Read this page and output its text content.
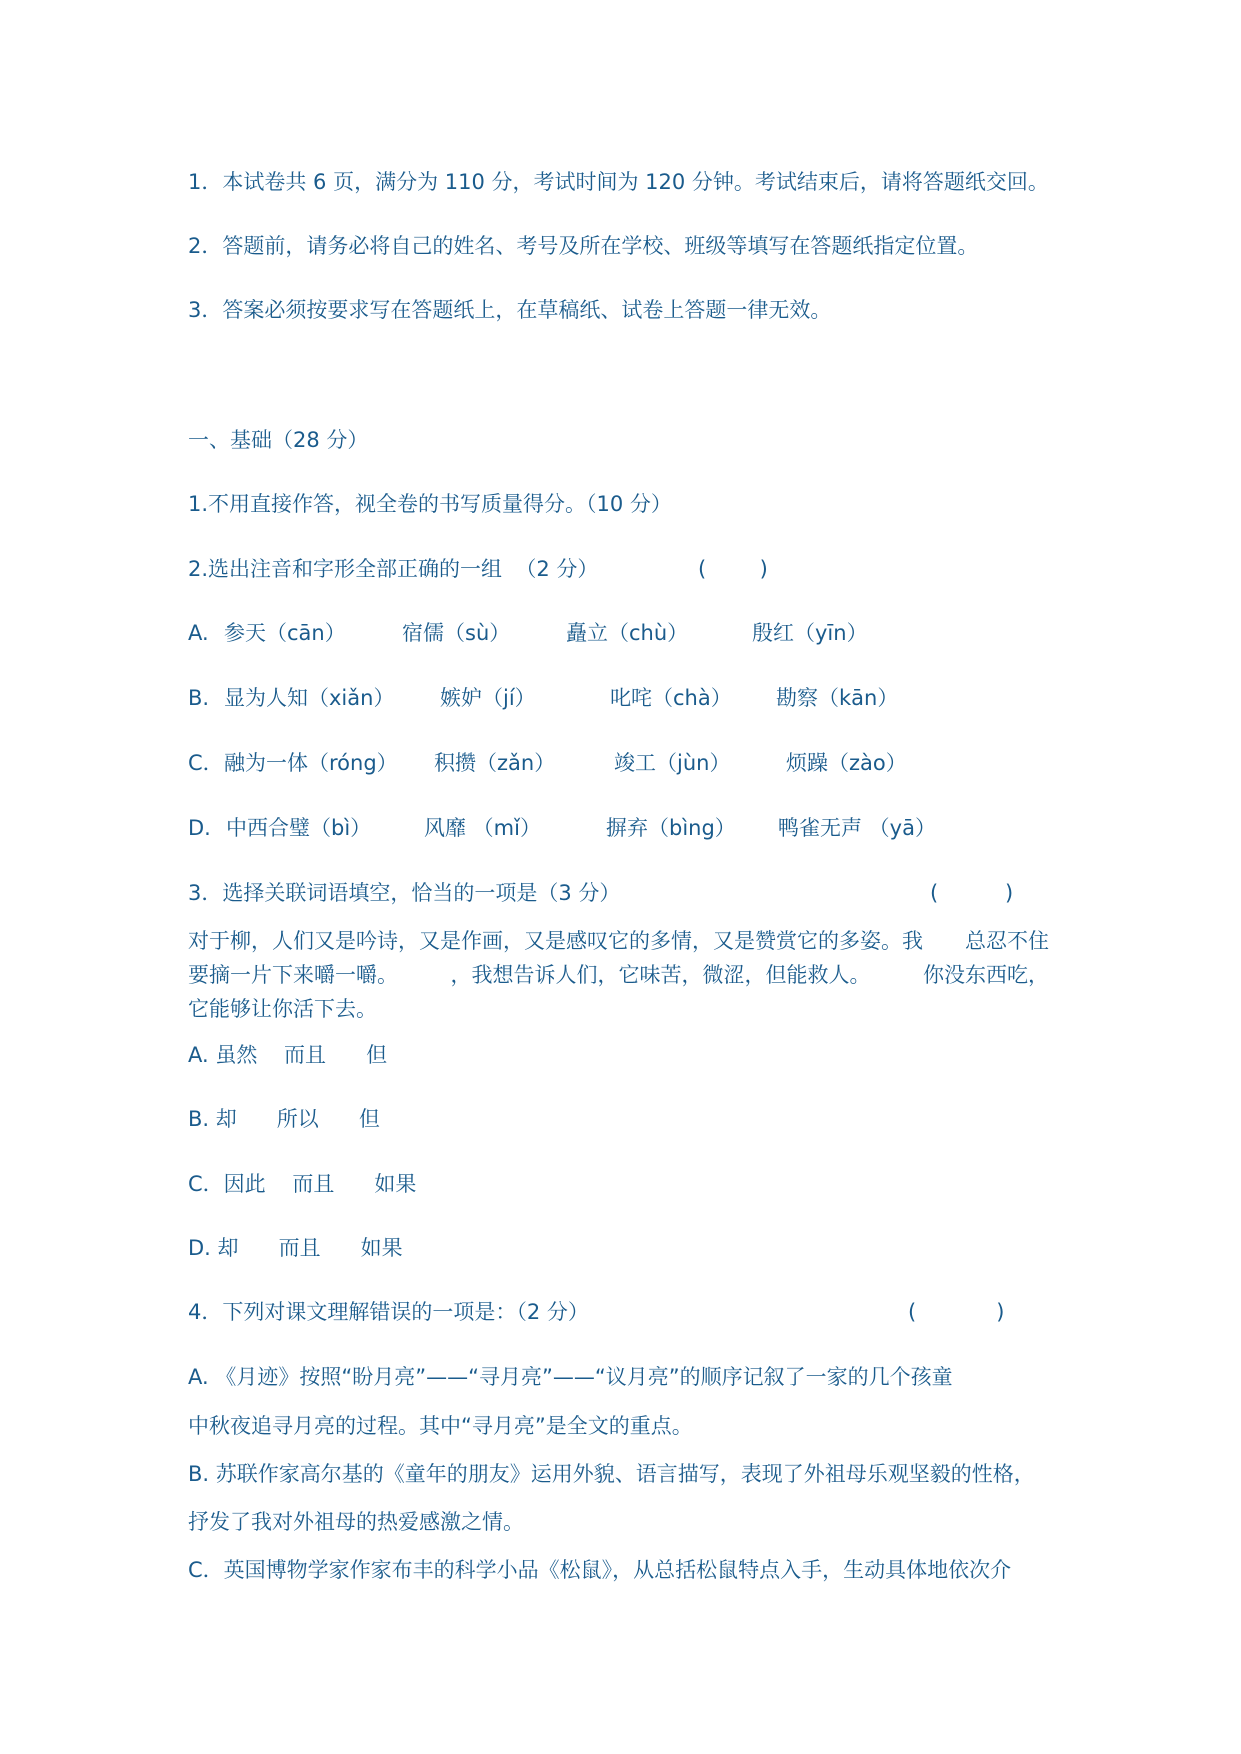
1．本试卷共 6 页，满分为 110 分，考试时间为 120 分钟。考试结束后，请将答题纸交回。
2．答题前，请务必将自己的姓名、考号及所在学校、班级等填写在答题纸指定位置。
3．答案必须按要求写在答题纸上，在草稿纸、试卷上答题一律无效。
一、基础（28 分）
1.不用直接作答，视全卷的书写质量得分。（10 分）
2.选出注音和字形全部正确的一组  （2 分）	(        )
A. 参天（cān）	宿儒（sù）	矗立（chù）	殷红（yīn）
B. 显为人知（xiǎn） 嫉妒（jí）	叱咤（chà） 勘察（kān）
C． 融为一体（róng） 积攒（zǎn）	竣工（jùn）	烦躁（zào）
D. 中西合璧（bì）	风靡 （mǐ）	摒弃（bìng） 鸭雀无声 （yā）
3．选择关联词语填空，恰当的一项是（3 分）	(          )
对于柳，人们又是吟诗，又是作画，又是感叹它的多情，又是赞赏它的多姿。我　　总忍不住要摘一片下来嚼一嚼。　　　，我想告诉人们，它味苦，微涩，但能救人。　　　你没东西吃，它能够让你活下去。
A. 虽然    而且      但
B. 却      所以      但
C．因此    而且      如果
D. 却      而且      如果
4．下列对课文理解错误的一项是：（2 分）	(            )
A. 《月迹》按照“盼月亮”——“寻月亮”——“议月亮”的顺序记叙了一家的几个孩童
中秋夜追寻月亮的过程。其中“寻月亮”是全文的重点。
B. 苏联作家高尔基的《童年的朋友》运用外貌、语言描写，表现了外祖母乐观坚毅的性格，
抒发了我对外祖母的热爱感激之情。
C．英国博物学家作家布丰的科学小品《松鼠》，从总括松鼠特点入手，生动具体地依次介
